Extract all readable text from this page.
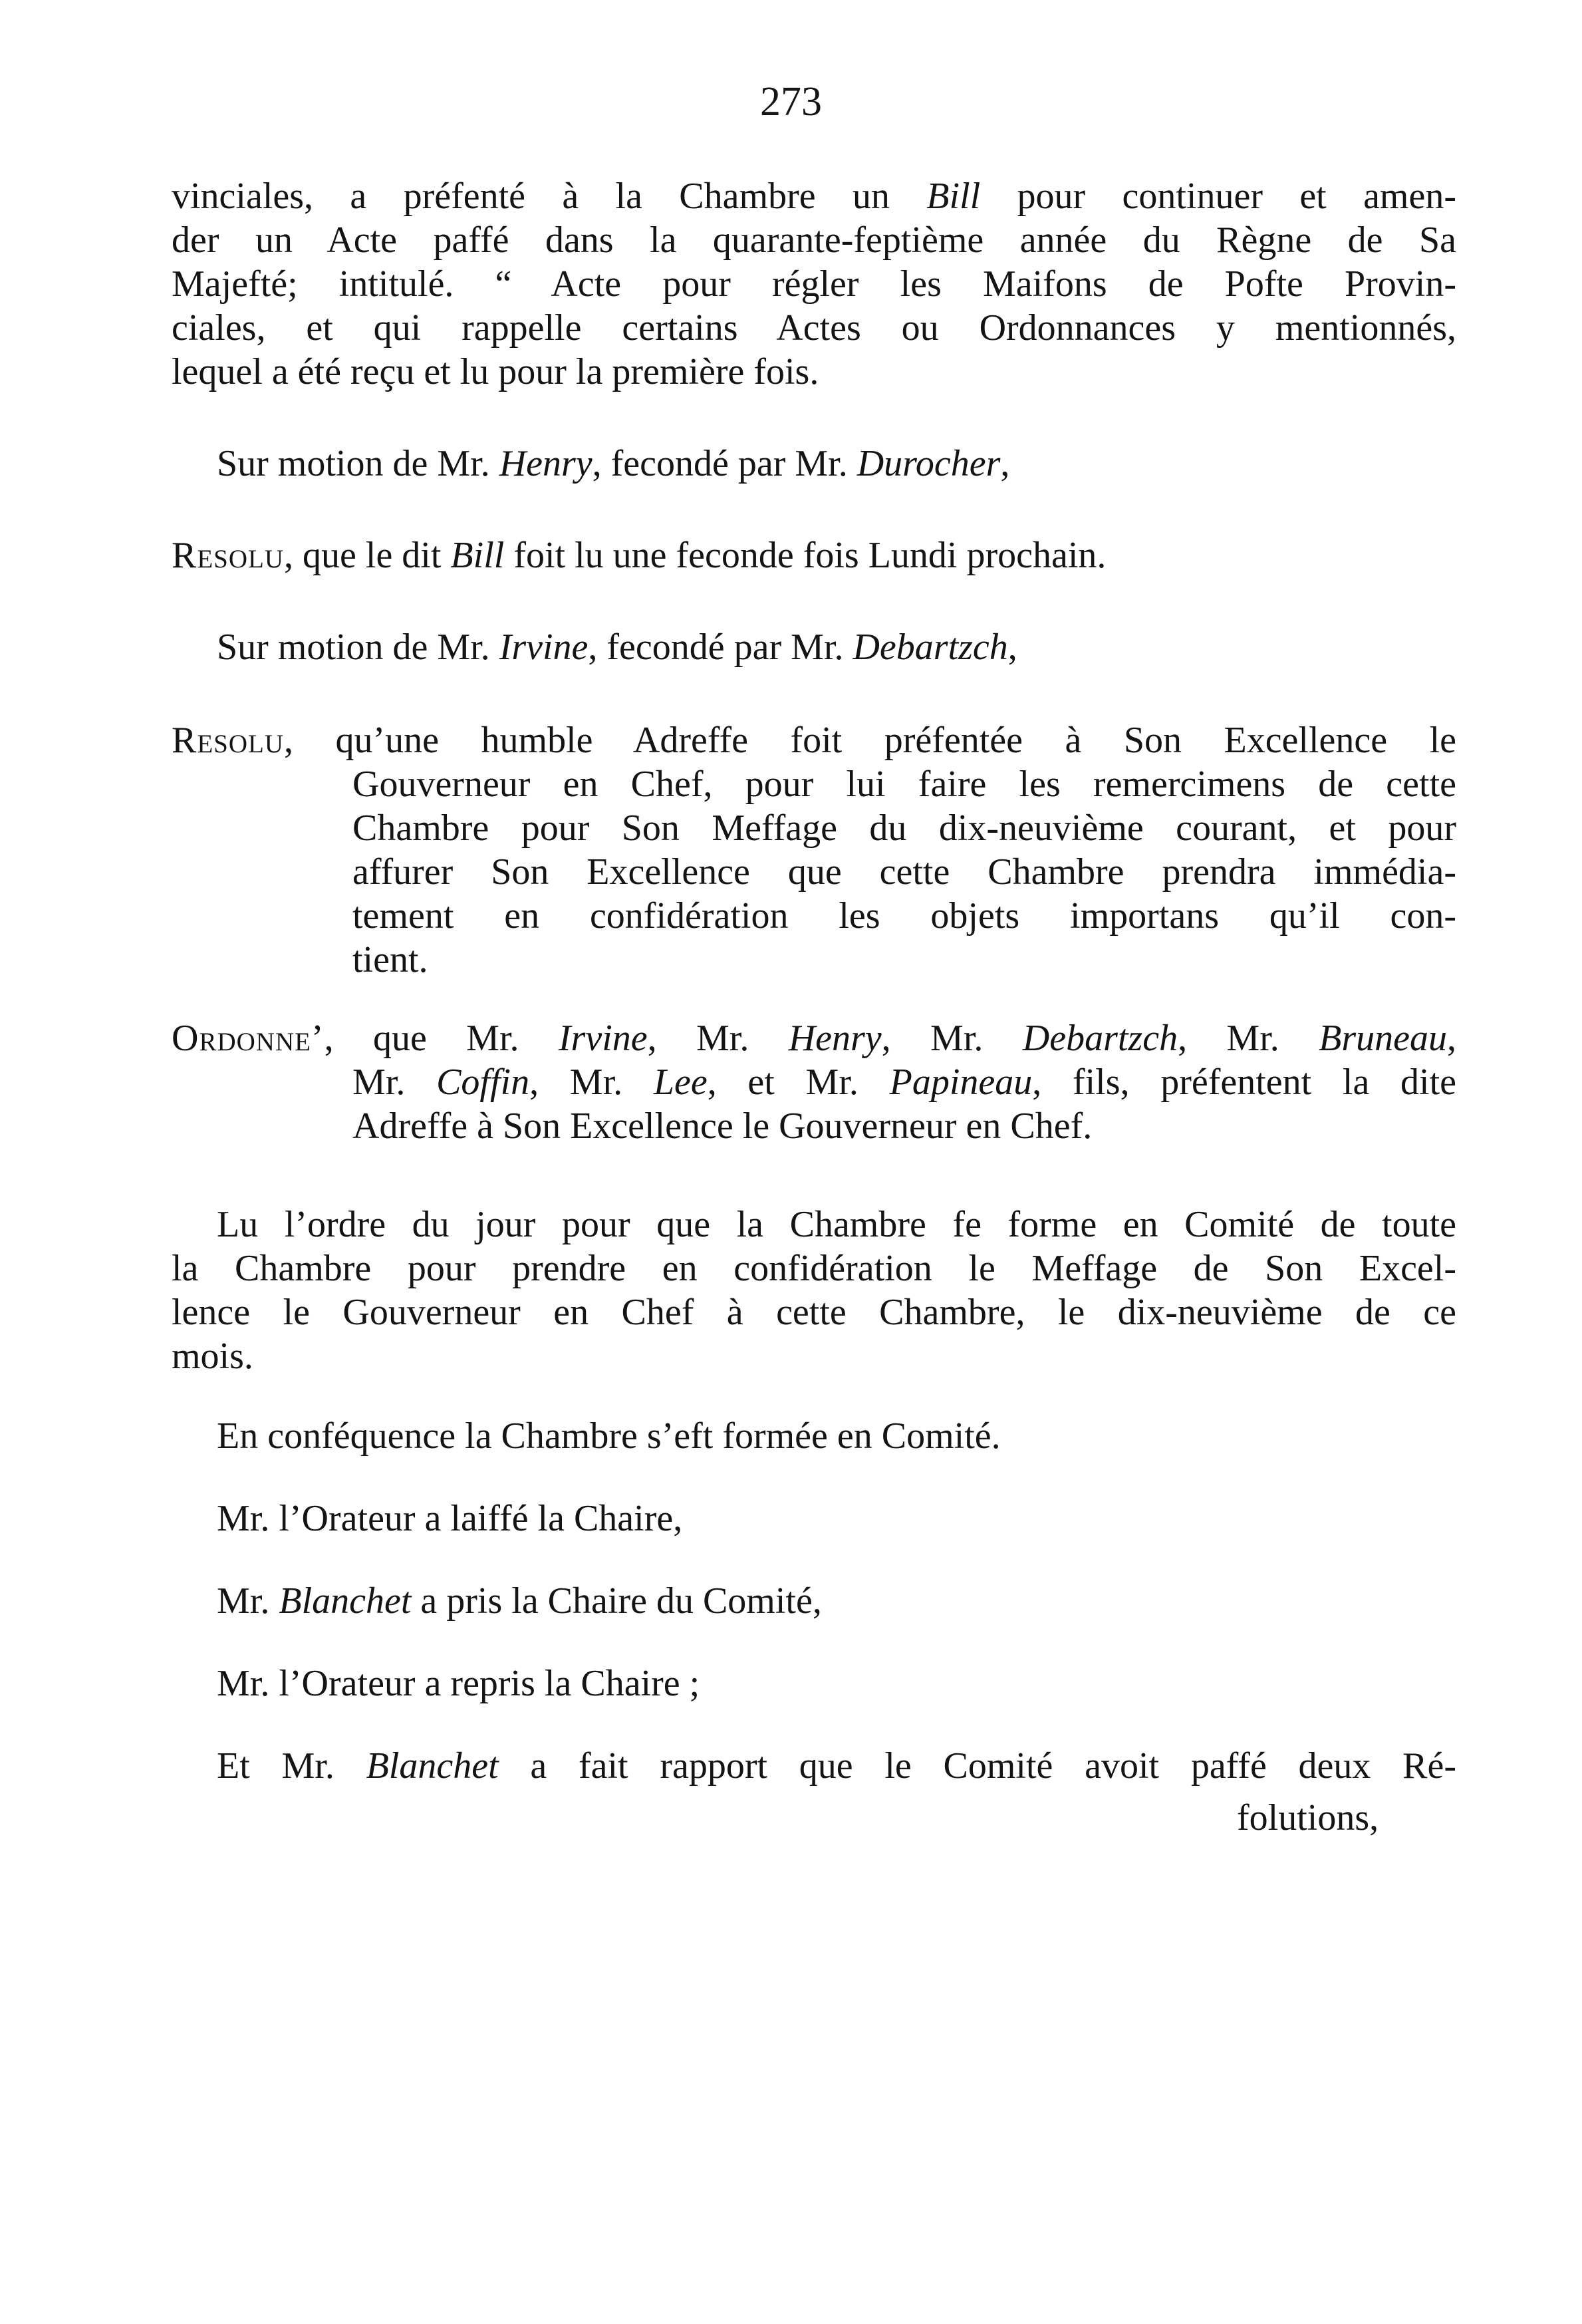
273
vinciales, a préfenté à la Chambre un Bill pour continuer et amen-
der un Acte paffé dans la quarante-feptième année du Règne de Sa
Majefté; intitulé. “ Acte pour régler les Maifons de Pofte Provin-
ciales, et qui rappelle certains Actes ou Ordonnances y mentionnés,
lequel a été reçu et lu pour la première fois.
Sur motion de Mr. Henry, fecondé par Mr. Durocher,
Resolu, que le dit Bill foit lu une feconde fois Lundi prochain.
Sur motion de Mr. Irvine, fecondé par Mr. Debartzch,
Resolu, qu’une humble Adreffe foit préfentée à Son Excellence le
Gouverneur en Chef, pour lui faire les remercimens de cette
Chambre pour Son Meffage du dix-neuvième courant, et pour
affurer Son Excellence que cette Chambre prendra immédia-
tement en confidération les objets importans qu’il con-
tient.
Ordonne’, que Mr. Irvine, Mr. Henry, Mr. Debartzch, Mr. Bruneau,
Mr. Coffin, Mr. Lee, et Mr. Papineau, fils, préfentent la dite
Adreffe à Son Excellence le Gouverneur en Chef.
Lu l’ordre du jour pour que la Chambre fe forme en Comité de toute
la Chambre pour prendre en confidération le Meffage de Son Excel-
lence le Gouverneur en Chef à cette Chambre, le dix-neuvième de ce
mois.
En conféquence la Chambre s’eft formée en Comité.
Mr. l’Orateur a laiffé la Chaire,
Mr. Blanchet a pris la Chaire du Comité,
Mr. l’Orateur a repris la Chaire ;
Et Mr. Blanchet a fait rapport que le Comité avoit paffé deux Ré-
folutions,
